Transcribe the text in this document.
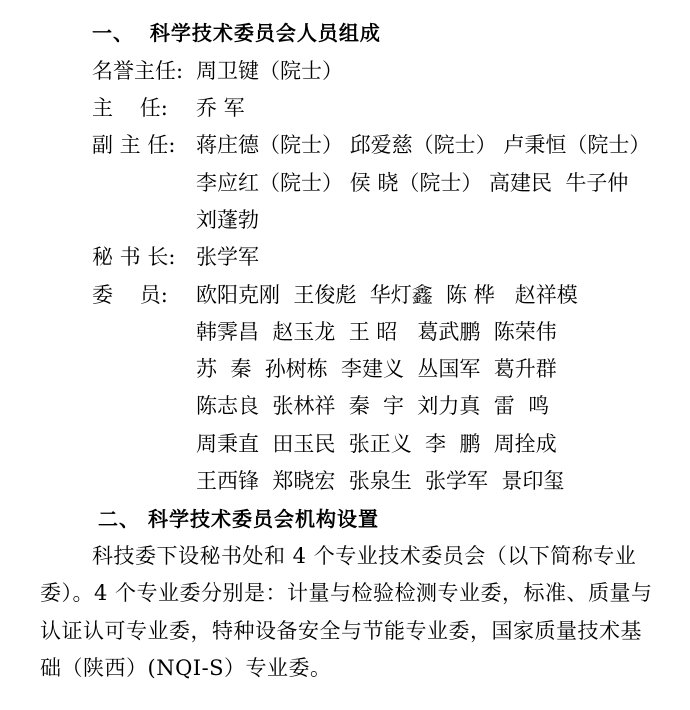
一、  科学技术委员会人员组成
名誉主任: 周卫键（院士）
主    任: 乔 军
副 主 任: 蒋庄德（院士） 邱爱慈（院士） 卢秉恒（院士）
李应红（院士） 侯 晓（院士） 高建民  牛子仲
刘蓬勃
秘 书 长: 张学军
委    员: 欧阳克刚  王俊彪  华灯鑫  陈 桦   赵祥模
韩霁昌  赵玉龙  王 昭   葛武鹏  陈荣伟
苏  秦  孙树栋  李建义  丛国军  葛升群
陈志良  张林祥  秦  宇  刘力真  雷  鸣
周秉直  田玉民  张正义  李  鹏  周拴成
王西锋  郑晓宏  张泉生  张学军  景印玺
二、 科学技术委员会机构设置
科技委下设秘书处和 4 个专业技术委员会（以下简称专业
委）。4 个专业委分别是：计量与检验检测专业委，标准、质量与
认证认可专业委，特种设备安全与节能专业委，国家质量技术基
础（陕西）(NQI-S）专业委。
